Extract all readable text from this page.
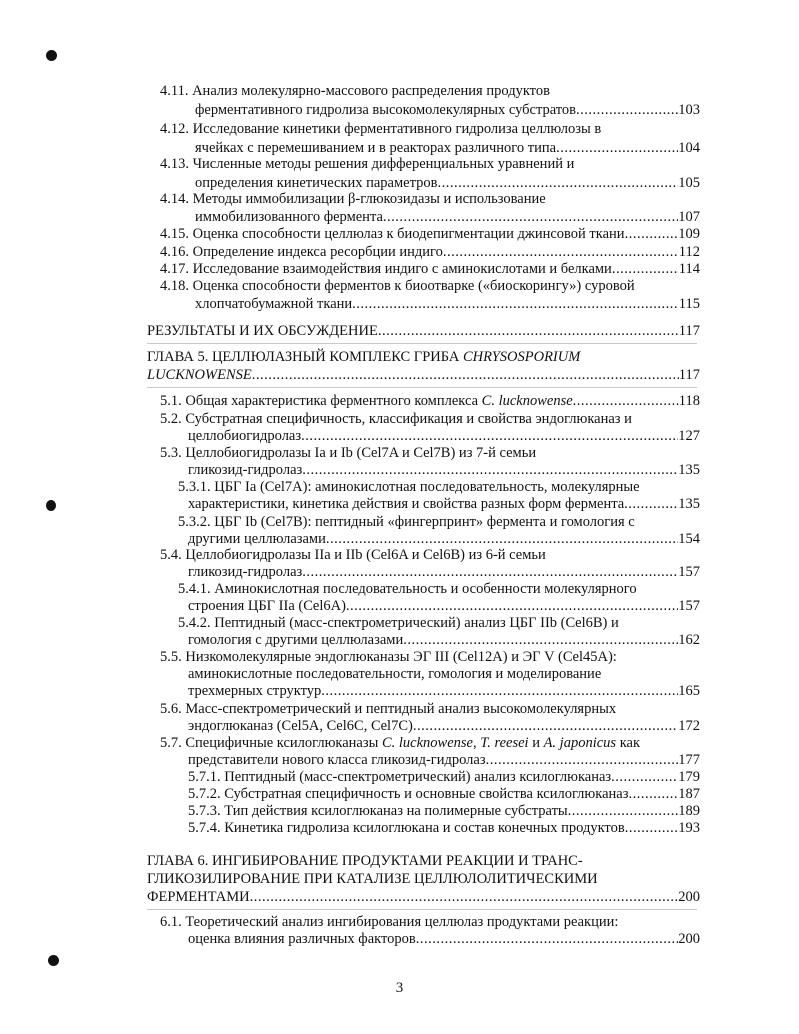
4.11. Анализ молекулярно-массового распределения продуктов
ферментативного гидролиза высокомолекулярных субстратов .....	103
4.12. Исследование кинетики ферментативного гидролиза целлюлозы в
ячейках с перемешиванием и в реакторах различного типа .....	104
4.13. Численные методы решения дифференциальных уравнений и
определения кинетических параметров .....	105
4.14. Методы иммобилизации β-глюкозидазы и использование
иммобилизованного фермента .....	107
4.15. Оценка способности целлюлаз к биодепигментации джинсовой ткани .....	109
4.16. Определение индекса ресорбции индиго .....	112
4.17. Исследование взаимодействия индиго с аминокислотами и белками .....	114
4.18. Оценка способности ферментов к биоотварке («биоскорингу») суровой
хлопчатобумажной ткани .....	115
РЕЗУЛЬТАТЫ И ИХ ОБСУЖДЕНИЕ .....	117
ГЛАВА 5. ЦЕЛЛЮЛАЗНЫЙ КОМПЛЕКС ГРИБА CHRYSOSPORIUM
LUCKNOWENSE .....	117
5.1. Общая характеристика ферментного комплекса C. lucknowense .....	118
5.2. Субстратная специфичность, классификация и свойства эндоглюканаз и
целлобиогидролаз .....	127
5.3. Целлобиогидролазы Ia и Ib (Cel7A и Cel7B) из 7-й семьи
гликозид-гидролаз .....	135
5.3.1. ЦБГ Ia (Cel7A): аминокислотная последовательность, молекулярные
характеристики, кинетика действия и свойства разных форм фермента .....	135
5.3.2. ЦБГ Ib (Cel7B): пептидный «фингерпринт» фермента и гомология с
другими целлюлазами .....	154
5.4. Целлобиогидролазы IIa и IIb (Cel6A и Cel6B) из 6-й семьи
гликозид-гидролаз .....	157
5.4.1. Аминокислотная последовательность и особенности молекулярного
строения ЦБГ IIa (Cel6A) .....	157
5.4.2. Пептидный (масс-спектрометрический) анализ ЦБГ IIb (Cel6B) и
гомология с другими целлюлазами .....	162
5.5. Низкомолекулярные эндоглюканазы ЭГ III (Cel12A) и ЭГ V (Cel45A):
аминокислотные последовательности, гомология и моделирование
трехмерных структур .....	165
5.6. Масс-спектрометрический и пептидный анализ высокомолекулярных
эндоглюканаз (Cel5A, Cel6C, Cel7C) .....	172
5.7. Специфичные ксилоглюканазы C. lucknowense, T. reesei и A. japonicus как
представители нового класса гликозид-гидролаз .....	177
5.7.1. Пептидный (масс-спектрометрический) анализ ксилоглюканаз .....	179
5.7.2. Субстратная специфичность и основные свойства ксилоглюканаз .....	187
5.7.3. Тип действия ксилоглюканаз на полимерные субстраты .....	189
5.7.4. Кинетика гидролиза ксилоглюкана и состав конечных продуктов .....	193
ГЛАВА 6. ИНГИБИРОВАНИЕ ПРОДУКТАМИ РЕАКЦИИ И ТРАНС-
ГЛИКОЗИЛИРОВАНИЕ ПРИ КАТАЛИЗЕ ЦЕЛЛЮЛОЛИТИЧЕСКИМИ
ФЕРМЕНТАМИ .....	200
6.1. Теоретический анализ ингибирования целлюлаз продуктами реакции:
оценка влияния различных факторов .....	200
3
